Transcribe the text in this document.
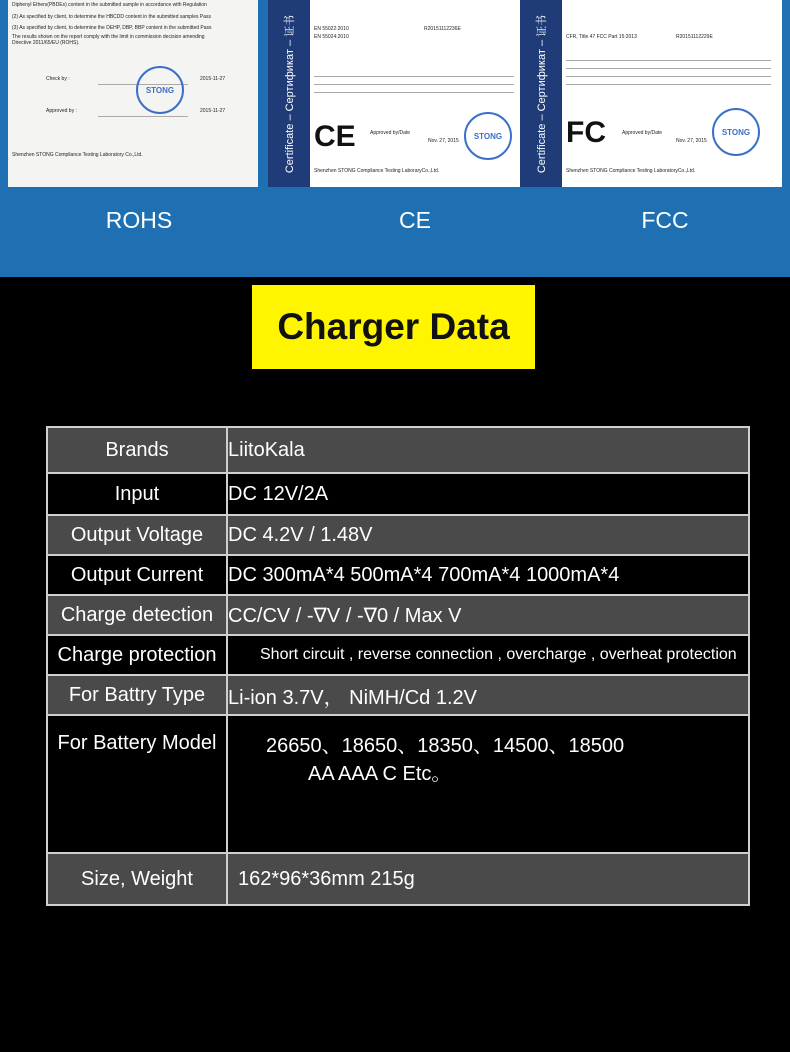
Diphenyl Ethers(PBDEs) content in the submitted sample in accordance with Regulation
(2) As specified by client, to determine the HBCDD content in the submitted samples Pass
(3) As specified by client, to determine the DEHP, DBP, BBP content in the submitted Pass
The results shown on the report comply with the limit in commission decision amending Directive 2011/65/EU (ROHS).
Check by :	2015-11-27
Approved by :	2015-11-27
STONG
Shenzhen STONG Compliance Testing Laboratory Co.,Ltd.	Certificate – Сертификат – 证书	EN 55022:2010
EN 55024:2010
R20151112236E
CE	Approved by/Date
Nov. 27, 2015
STONG
Shenzhen STONG Compliance Testing LaboraryCo.,Ltd.	Certificate – Сертификат – 证书	CFR, Title 47 FCC Part 15:2013	R20151112229E
FC	Approved by/Date
Nov. 27, 2015
STONG
Shenzhen STONG Compliance Testing LaboratoryCo.,Ltd.
ROHS	CE	FCC
Charger Data
Brands	LiitoKala
Input	DC 12V/2A
Output Voltage	DC 4.2V / 1.48V
Output Current	DC 300mA*4 500mA*4 700mA*4 1000mA*4
Charge detection	CC/CV / -∇V / -∇0 / Max V
Charge protection	Short circuit , reverse connection , overcharge , overheat protection
For Battry Type	Li-ion 3.7V， NiMH/Cd 1.2V
For Battery Model	26650、18650、18350、14500、18500
AA AAA C Etc。

Size, Weight	162*96*36mm 215g
